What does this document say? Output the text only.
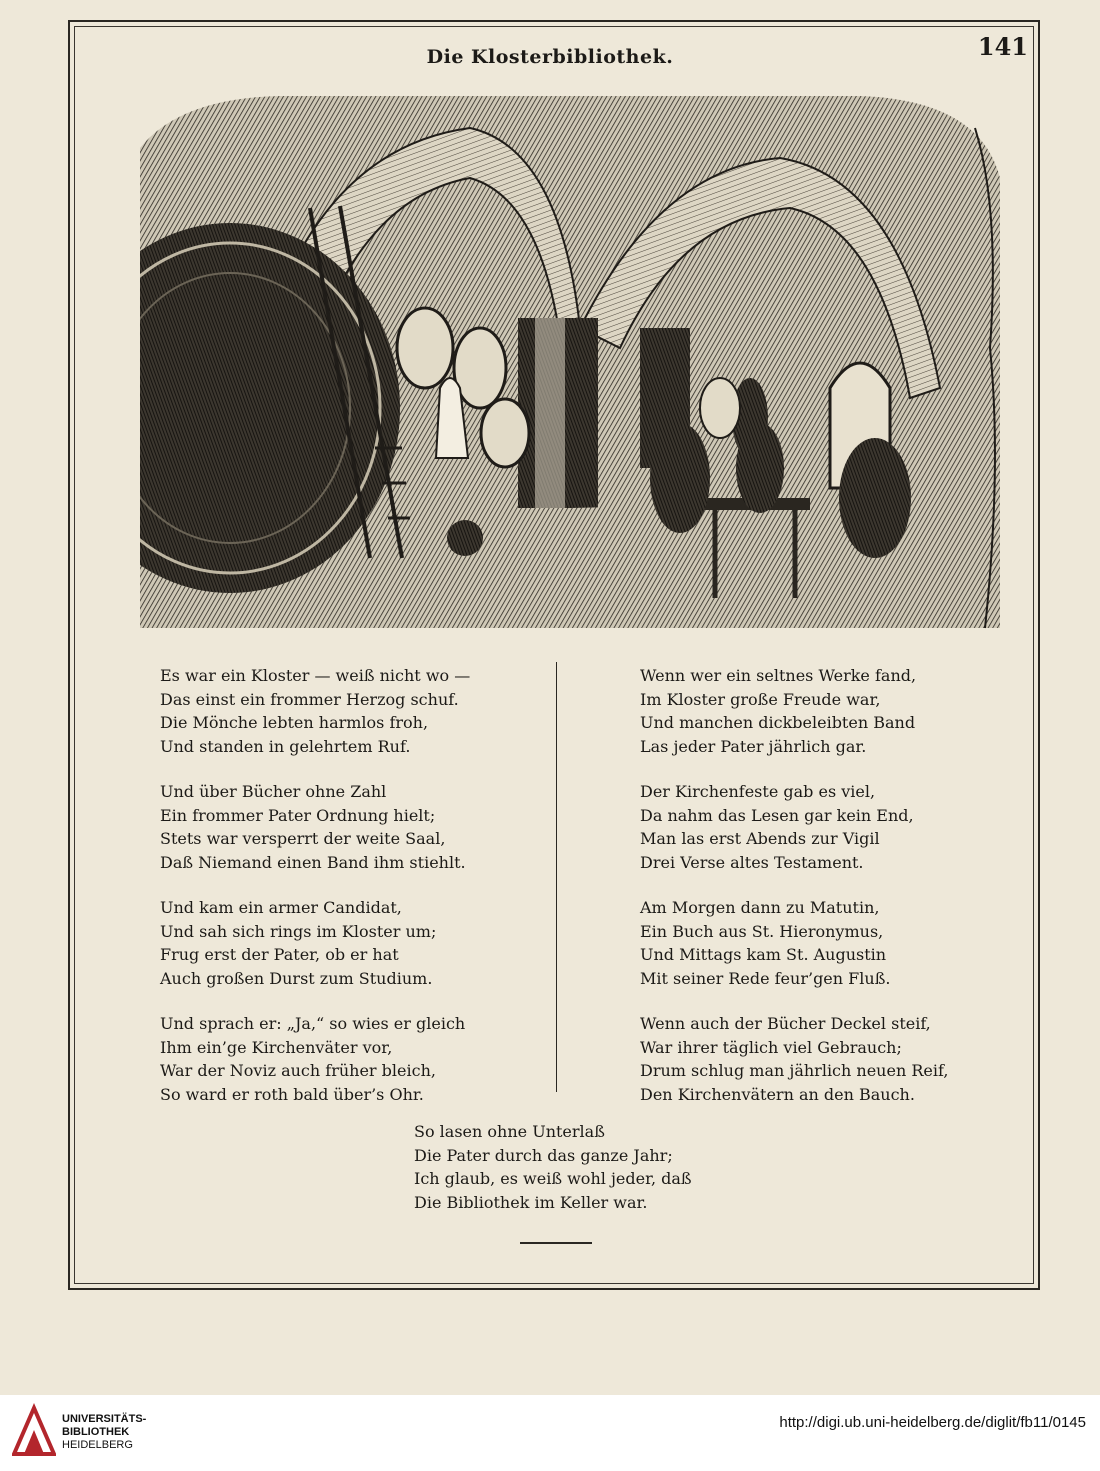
141
Die Klosterbibliothek.
Es war ein Kloster — weiß nicht wo —
Das einst ein frommer Herzog schuf.
Die Mönche lebten harmlos froh,
Und standen in gelehrtem Ruf.
Und über Bücher ohne Zahl
Ein frommer Pater Ordnung hielt;
Stets war versperrt der weite Saal,
Daß Niemand einen Band ihm stiehlt.
Und kam ein armer Candidat,
Und sah sich rings im Kloster um;
Frug erst der Pater, ob er hat
Auch großen Durst zum Studium.
Und sprach er: „Ja,“ so wies er gleich
Ihm ein’ge Kirchenväter vor,
War der Noviz auch früher bleich,
So ward er roth bald über’s Ohr.
Wenn wer ein seltnes Werke fand,
Im Kloster große Freude war,
Und manchen dickbeleibten Band
Las jeder Pater jährlich gar.
Der Kirchenfeste gab es viel,
Da nahm das Lesen gar kein End,
Man las erst Abends zur Vigil
Drei Verse altes Testament.
Am Morgen dann zu Matutin,
Ein Buch aus St. Hieronymus,
Und Mittags kam St. Augustin
Mit seiner Rede feur’gen Fluß.
Wenn auch der Bücher Deckel steif,
War ihrer täglich viel Gebrauch;
Drum schlug man jährlich neuen Reif,
Den Kirchenvätern an den Bauch.
So lasen ohne Unterlaß
Die Pater durch das ganze Jahr;
Ich glaub, es weiß wohl jeder, daß
Die Bibliothek im Keller war.
UNIVERSITÄTS-
BIBLIOTHEK
HEIDELBERG
http://digi.ub.uni-heidelberg.de/diglit/fb11/0145
